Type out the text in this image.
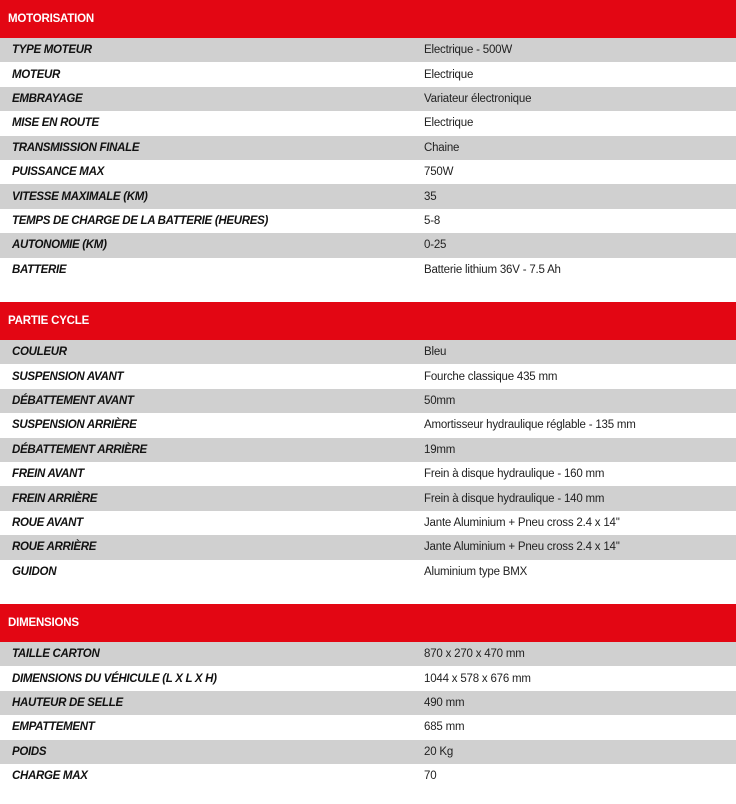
MOTORISATION
TYPE MOTEUR	Electrique - 500W
MOTEUR	Electrique
EMBRAYAGE	Variateur électronique
MISE EN ROUTE	Electrique
TRANSMISSION FINALE	Chaine
PUISSANCE MAX	750W
VITESSE MAXIMALE (KM)	35
TEMPS DE CHARGE DE LA BATTERIE (HEURES)	5-8
AUTONOMIE (KM)	0-25
BATTERIE	Batterie lithium 36V - 7.5 Ah
PARTIE CYCLE
COULEUR	Bleu
SUSPENSION AVANT	Fourche classique 435 mm
DÉBATTEMENT AVANT	50mm
SUSPENSION ARRIÈRE	Amortisseur hydraulique réglable - 135 mm
DÉBATTEMENT ARRIÈRE	19mm
FREIN AVANT	Frein à disque hydraulique - 160 mm
FREIN ARRIÈRE	Frein à disque hydraulique - 140 mm
ROUE AVANT	Jante Aluminium + Pneu cross 2.4 x 14''
ROUE ARRIÈRE	Jante Aluminium + Pneu cross 2.4 x 14''
GUIDON	Aluminium type BMX
DIMENSIONS
TAILLE CARTON	870 x 270 x 470 mm
DIMENSIONS DU VÉHICULE (L X L X H)	1044 x 578 x 676 mm
HAUTEUR DE SELLE	490 mm
EMPATTEMENT	685 mm
POIDS	20 Kg
CHARGE MAX	70
